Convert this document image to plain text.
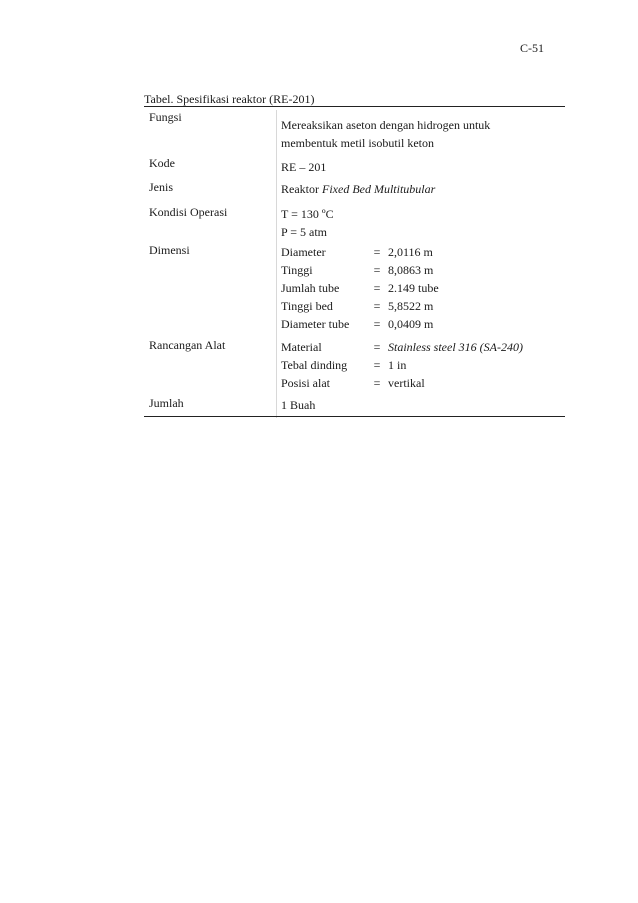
C-51
Tabel. Spesifikasi reaktor (RE-201)
Fungsi
Mereaksikan aseton dengan hidrogen untuk
membentuk metil isobutil keton
Kode	RE – 201
Jenis	Reaktor Fixed Bed Multitubular
Kondisi Operasi	T = 130 ºC
P = 5 atm
Dimensi	Diameter	= 2,0116 m
Tinggi	= 8,0863 m
Jumlah tube	= 2.149 tube
Tinggi bed	= 5,8522 m
Diameter tube = 0,0409 m
Rancangan Alat	Material	= Stainless steel 316 (SA-240)
Tebal dinding = 1 in
Posisi alat	= vertikal
Jumlah	1 Buah
